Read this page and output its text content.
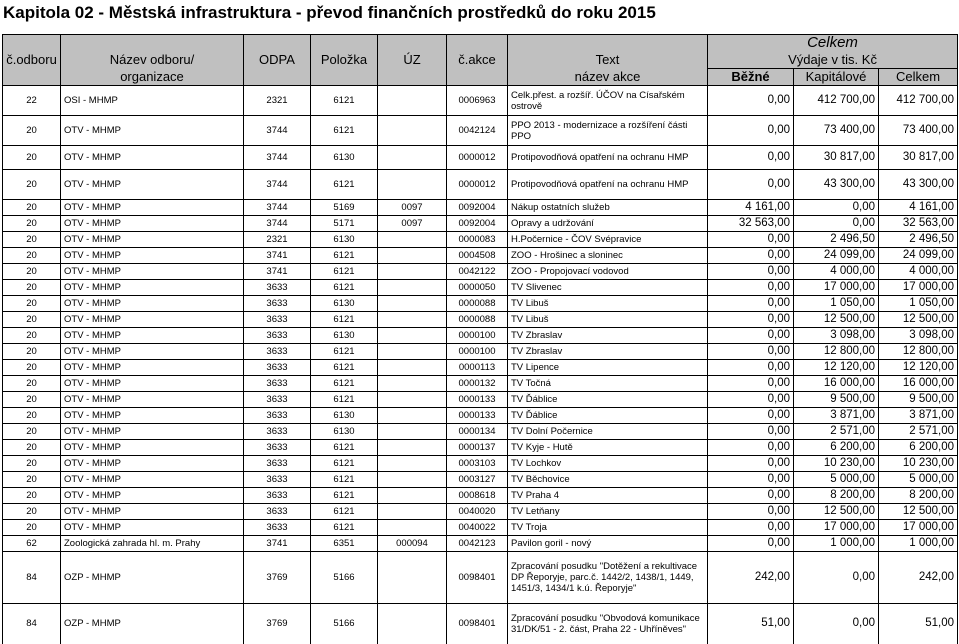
Kapitola 02 - Městská infrastruktura - převod finančních prostředků do roku 2015
							Celkem		
č.odboru	Název odboru/	ODPA	Položka	ÚZ	č.akce	Text	Výdaje v tis. Kč		
	organizace					název akce	Běžné	Kapitálové	Celkem
22	OSI - MHMP	2321	6121		0006963	Celk.přest. a rozšíř. ÚČOV na Císařském ostrově	0,00	412 700,00	412 700,00
20	OTV - MHMP	3744	6121		0042124	PPO 2013 - modernizace a rozšíření části PPO	0,00	73 400,00	73 400,00
20	OTV - MHMP	3744	6130		0000012	Protipovodňová opatření na ochranu HMP	0,00	30 817,00	30 817,00
20	OTV - MHMP	3744	6121		0000012	Protipovodňová opatření na ochranu HMP	0,00	43 300,00	43 300,00
20	OTV - MHMP	3744	5169	0097	0092004	Nákup ostatních služeb	4 161,00	0,00	4 161,00
20	OTV - MHMP	3744	5171	0097	0092004	Opravy a udržování	32 563,00	0,00	32 563,00
20	OTV - MHMP	2321	6130		0000083	H.Počernice - ČOV Svépravice	0,00	2 496,50	2 496,50
20	OTV - MHMP	3741	6121		0004508	ZOO - Hrošinec a sloninec	0,00	24 099,00	24 099,00
20	OTV - MHMP	3741	6121		0042122	ZOO - Propojovací vodovod	0,00	4 000,00	4 000,00
20	OTV - MHMP	3633	6121		0000050	TV Slivenec	0,00	17 000,00	17 000,00
20	OTV - MHMP	3633	6130		0000088	TV Libuš	0,00	1 050,00	1 050,00
20	OTV - MHMP	3633	6121		0000088	TV Libuš	0,00	12 500,00	12 500,00
20	OTV - MHMP	3633	6130		0000100	TV Zbraslav	0,00	3 098,00	3 098,00
20	OTV - MHMP	3633	6121		0000100	TV Zbraslav	0,00	12 800,00	12 800,00
20	OTV - MHMP	3633	6121		0000113	TV Lipence	0,00	12 120,00	12 120,00
20	OTV - MHMP	3633	6121		0000132	TV Točná	0,00	16 000,00	16 000,00
20	OTV - MHMP	3633	6121		0000133	TV Ďáblice	0,00	9 500,00	9 500,00
20	OTV - MHMP	3633	6130		0000133	TV Ďáblice	0,00	3 871,00	3 871,00
20	OTV - MHMP	3633	6130		0000134	TV Dolní Počernice	0,00	2 571,00	2 571,00
20	OTV - MHMP	3633	6121		0000137	TV Kyje - Hutě	0,00	6 200,00	6 200,00
20	OTV - MHMP	3633	6121		0003103	TV Lochkov	0,00	10 230,00	10 230,00
20	OTV - MHMP	3633	6121		0003127	TV Běchovice	0,00	5 000,00	5 000,00
20	OTV - MHMP	3633	6121		0008618	TV Praha 4	0,00	8 200,00	8 200,00
20	OTV - MHMP	3633	6121		0040020	TV Letňany	0,00	12 500,00	12 500,00
20	OTV - MHMP	3633	6121		0040022	TV Troja	0,00	17 000,00	17 000,00
62	Zoologická zahrada hl. m. Prahy	3741	6351	000094	0042123	Pavilon goril - nový	0,00	1 000,00	1 000,00
84	OZP - MHMP	3769	5166		0098401	Zpracování posudku "Dotěžení a rekultivace DP Řeporyje, parc.č. 1442/2, 1438/1, 1449, 1451/3, 1434/1 k.ú. Řeporyje"	242,00	0,00	242,00
84	OZP - MHMP	3769	5166		0098401	Zpracování posudku "Obvodová komunikace 31/DK/51 - 2. část, Praha 22 - Uhříněves"	51,00	0,00	51,00
